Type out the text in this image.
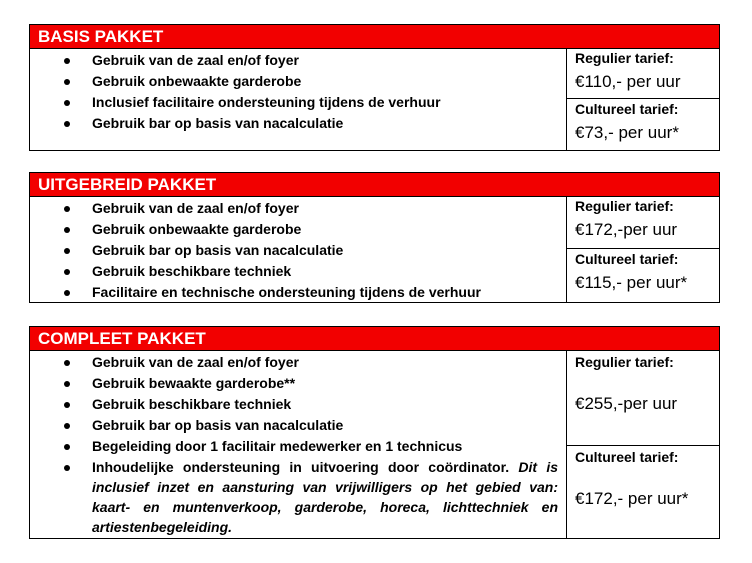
BASIS PAKKET
Gebruik van de zaal en/of foyer
Gebruik onbewaakte garderobe
Inclusief facilitaire ondersteuning tijdens de verhuur
Gebruik bar op basis van nacalculatie
Regulier tarief:
€110,- per uur
Cultureel tarief:
€73,- per uur*
UITGEBREID PAKKET
Gebruik van de zaal en/of foyer
Gebruik onbewaakte garderobe
Gebruik bar op basis van nacalculatie
Gebruik beschikbare techniek
Facilitaire en technische ondersteuning tijdens de verhuur
Regulier tarief:
€172,-per uur
Cultureel tarief:
€115,- per uur*
COMPLEET PAKKET
Gebruik van de zaal en/of foyer
Gebruik bewaakte garderobe**
Gebruik beschikbare techniek
Gebruik bar op basis van nacalculatie
Begeleiding door 1 facilitair medewerker en 1 technicus
Inhoudelijke ondersteuning in uitvoering door coördinator. Dit is inclusief inzet en aansturing van vrijwilligers op het gebied van: kaart- en muntenverkoop, garderobe, horeca, lichttechniek en artiestenbegeleiding.
Regulier tarief:
€255,-per uur
Cultureel tarief:
€172,- per uur*
